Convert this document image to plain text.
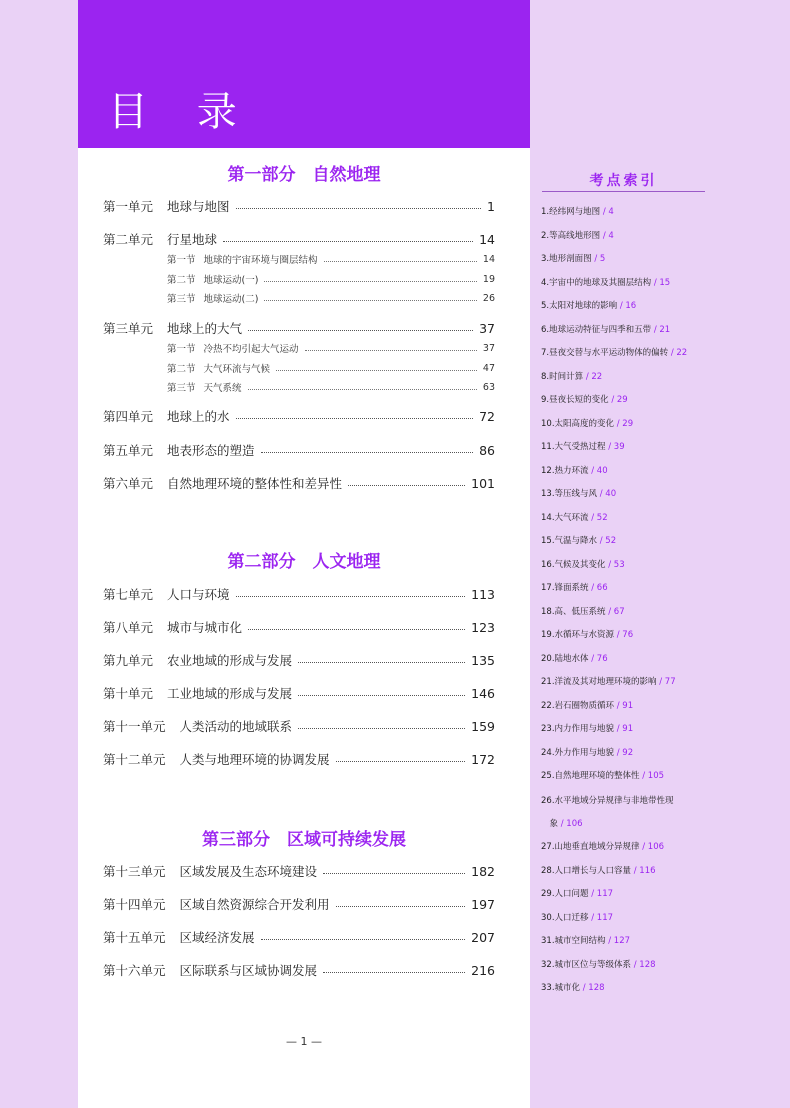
目 录
第一部分　自然地理
第二部分　人文地理
第三部分　区域可持续发展
第一单元 地球与地图	1
第二单元 行星地球	14
第一节 地球的宇宙环境与圈层结构	14
第二节 地球运动(一)	19
第三节 地球运动(二)	26
第三单元 地球上的大气	37
第一节 冷热不均引起大气运动	37
第二节 大气环流与气候	47
第三节 天气系统	63
第四单元 地球上的水	72
第五单元 地表形态的塑造	86
第六单元 自然地理环境的整体性和差异性	101
第七单元 人口与环境	113
第八单元 城市与城市化	123
第九单元 农业地域的形成与发展	135
第十单元 工业地域的形成与发展	146
第十一单元 人类活动的地域联系	159
第十二单元 人类与地理环境的协调发展	172
第十三单元 区域发展及生态环境建设	182
第十四单元 区域自然资源综合开发利用	197
第十五单元 区域经济发展	207
第十六单元 区际联系与区域协调发展	216
— 1 —
考点索引
1.经纬网与地图 / 4
2.等高线地形图 / 4
3.地形剖面图 / 5
4.宇宙中的地球及其圈层结构 / 15
5.太阳对地球的影响 / 16
6.地球运动特征与四季和五带 / 21
7.昼夜交替与水平运动物体的偏转 / 22
8.时间计算 / 22
9.昼夜长短的变化 / 29
10.太阳高度的变化 / 29
11.大气受热过程 / 39
12.热力环流 / 40
13.等压线与风 / 40
14.大气环流 / 52
15.气温与降水 / 52
16.气候及其变化 / 53
17.锋面系统 / 66
18.高、低压系统 / 67
19.水循环与水资源 / 76
20.陆地水体 / 76
21.洋流及其对地理环境的影响 / 77
22.岩石圈物质循环 / 91
23.内力作用与地貌 / 91
24.外力作用与地貌 / 92
25.自然地理环境的整体性 / 105
26.水平地域分异规律与非地带性现
　象 / 106
27.山地垂直地域分异规律 / 106
28.人口增长与人口容量 / 116
29.人口问题 / 117
30.人口迁移 / 117
31.城市空间结构 / 127
32.城市区位与等级体系 / 128
33.城市化 / 128
